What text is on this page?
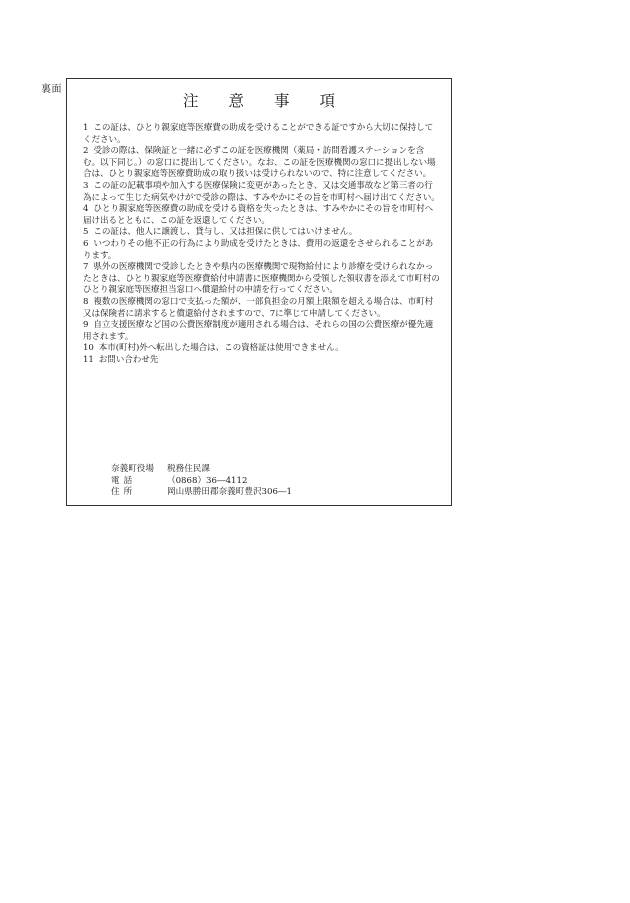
裏面
注意事項

1 この証は、ひとり親家庭等医療費の助成を受けることができる証ですから大切に保持してください。

2 受診の際は、保険証と一緒に必ずこの証を医療機関（薬局・訪問看護ステーションを含む。以下同じ。）の窓口に提出してください。なお、この証を医療機関の窓口に提出しない場合は、ひとり親家庭等医療費助成の取り扱いは受けられないので、特に注意してください。

3 この証の記載事項や加入する医療保険に変更があったとき、又は交通事故など第三者の行為によって生じた病気やけがで受診の際は、すみやかにその旨を市町村へ届け出てください。

4 ひとり親家庭等医療費の助成を受ける資格を失ったときは、すみやかにその旨を市町村へ届け出るとともに、この証を返還してください。

5 この証は、他人に譲渡し、貸与し、又は担保に供してはいけません。

6 いつわりその他不正の行為により助成を受けたときは、費用の返還をさせられることがあります。

7 県外の医療機関で受診したときや県内の医療機関で現物給付により診療を受けられなかったときは、ひとり親家庭等医療費給付申請書に医療機関から受領した領収書を添えて市町村のひとり親家庭等医療担当窓口へ償還給付の申請を行ってください。

8 複数の医療機関の窓口で支払った額が、一部負担金の月額上限額を超える場合は、市町村又は保険者に請求すると償還給付されますので、7に準じて申請してください。

9 自立支援医療など国の公費医療制度が適用される場合は、それらの国の公費医療が優先適用されます。

10 本市(町村)外へ転出した場合は、この資格証は使用できません。

11 お問い合わせ先

奈義町役場	税務住民課
電話	（0868）36―4112
住所	岡山県勝田郡奈義町豊沢306―1
